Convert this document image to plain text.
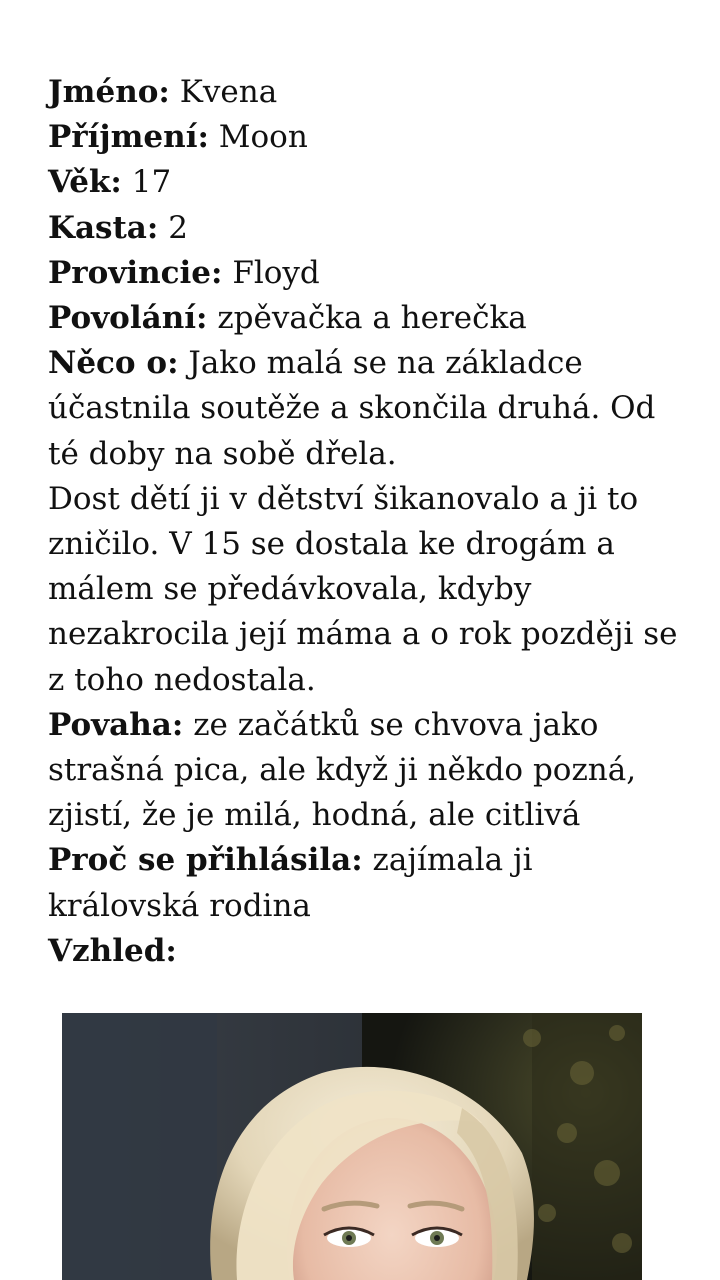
Jméno: Kvena
Příjmení: Moon
Věk: 17
Kasta: 2
Provincie: Floyd
Povolání: zpěvačka a herečka
Něco o: Jako malá se na základce účastnila soutěže a skončila druhá. Od té doby na sobě dřela.
Dost dětí ji v dětství šikanovalo a ji to zničilo. V 15 se dostala ke drogám a málem se předávkovala, kdyby nezakrocila její máma a o rok později se z toho nedostala.
Povaha: ze začátků se chvova jako strašná pica, ale když ji někdo pozná, zjistí, že je milá, hodná, ale citlivá
Proč se přihlásila: zajímala ji královská rodina
Vzhled:
